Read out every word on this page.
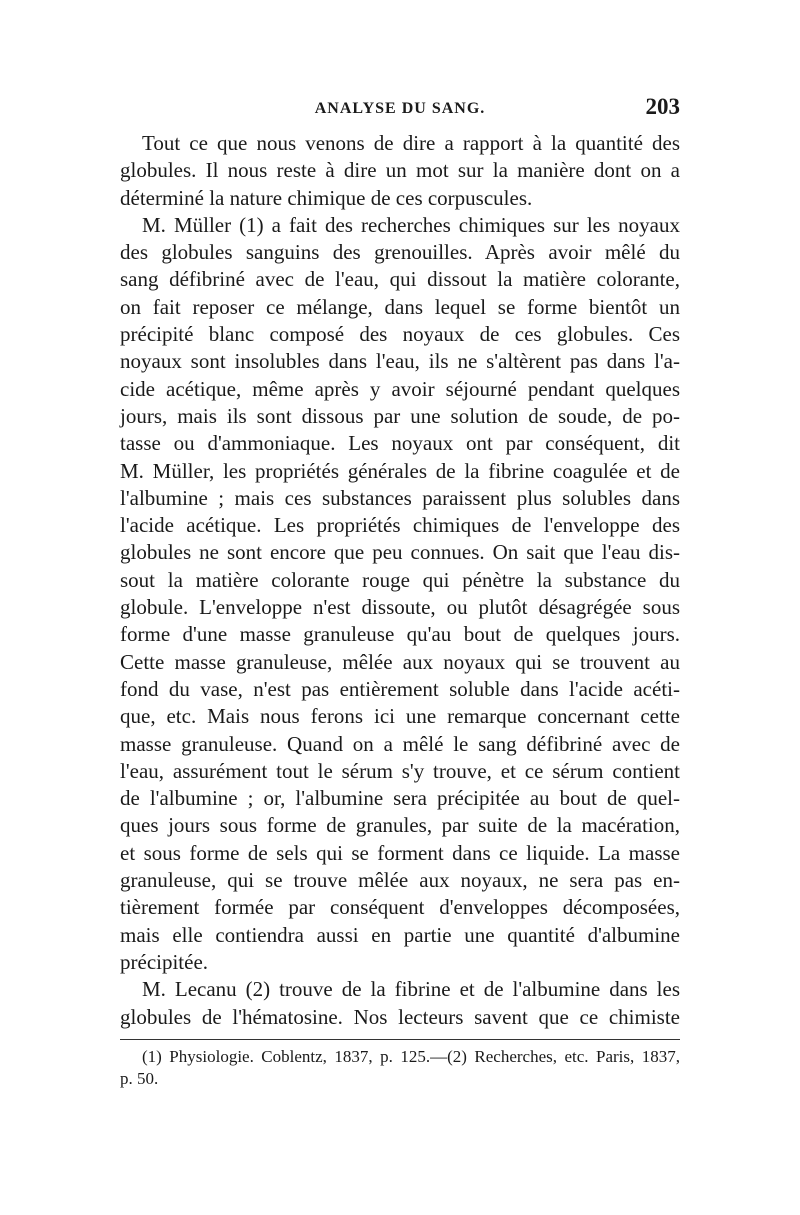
ANALYSE DU SANG.	203
Tout ce que nous venons de dire a rapport à la quantité des
globules. Il nous reste à dire un mot sur la manière dont on a
déterminé la nature chimique de ces corpuscules.
M. Müller (1) a fait des recherches chimiques sur les noyaux
des globules sanguins des grenouilles. Après avoir mêlé du
sang défibriné avec de l'eau, qui dissout la matière colorante,
on fait reposer ce mélange, dans lequel se forme bientôt un
précipité blanc composé des noyaux de ces globules. Ces
noyaux sont insolubles dans l'eau, ils ne s'altèrent pas dans l'a-
cide acétique, même après y avoir séjourné pendant quelques
jours, mais ils sont dissous par une solution de soude, de po-
tasse ou d'ammoniaque. Les noyaux ont par conséquent, dit
M. Müller, les propriétés générales de la fibrine coagulée et de
l'albumine ; mais ces substances paraissent plus solubles dans
l'acide acétique. Les propriétés chimiques de l'enveloppe des
globules ne sont encore que peu connues. On sait que l'eau dis-
sout la matière colorante rouge qui pénètre la substance du
globule. L'enveloppe n'est dissoute, ou plutôt désagrégée sous
forme d'une masse granuleuse qu'au bout de quelques jours.
Cette masse granuleuse, mêlée aux noyaux qui se trouvent au
fond du vase, n'est pas entièrement soluble dans l'acide acéti-
que, etc. Mais nous ferons ici une remarque concernant cette
masse granuleuse. Quand on a mêlé le sang défibriné avec de
l'eau, assurément tout le sérum s'y trouve, et ce sérum contient
de l'albumine ; or, l'albumine sera précipitée au bout de quel-
ques jours sous forme de granules, par suite de la macération,
et sous forme de sels qui se forment dans ce liquide. La masse
granuleuse, qui se trouve mêlée aux noyaux, ne sera pas en-
tièrement formée par conséquent d'enveloppes décomposées,
mais elle contiendra aussi en partie une quantité d'albumine
précipitée.
M. Lecanu (2) trouve de la fibrine et de l'albumine dans les
globules de l'hématosine. Nos lecteurs savent que ce chimiste
(1) Physiologie. Coblentz, 1837, p. 125.—(2) Recherches, etc. Paris, 1837,
p. 50.
